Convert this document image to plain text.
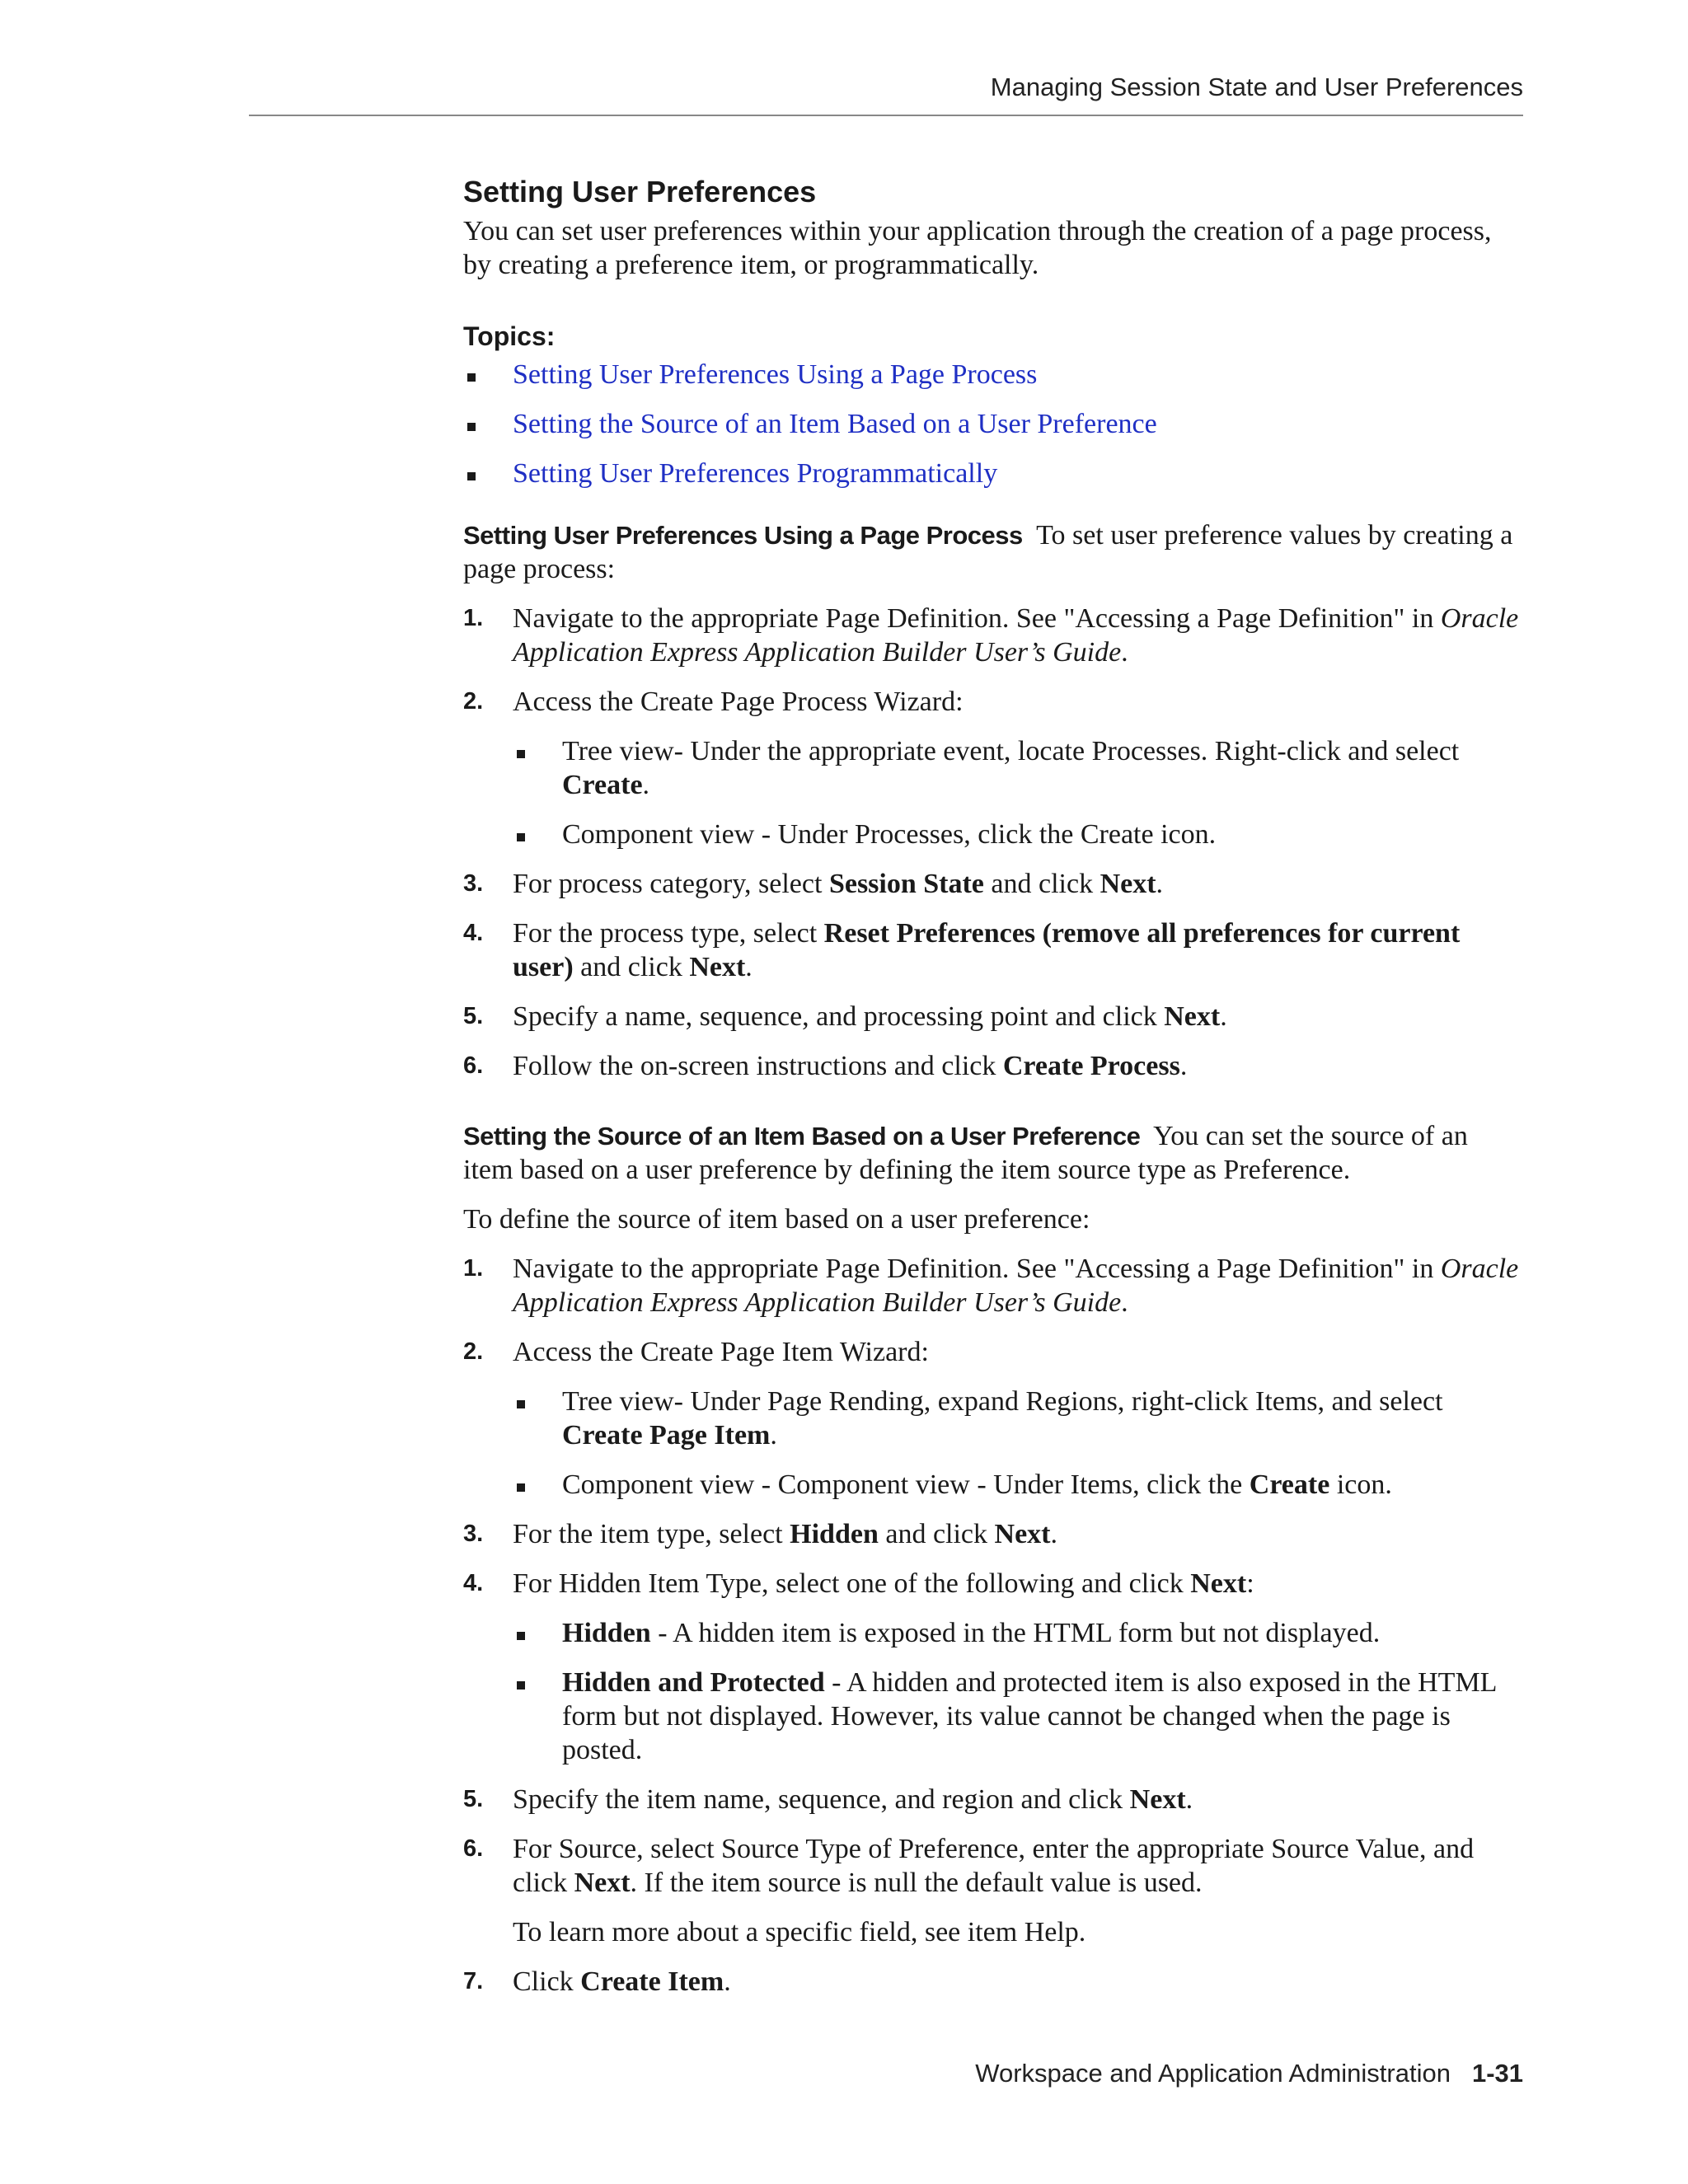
Managing Session State and User Preferences
Setting User Preferences

You can set user preferences within your application through the creation of a page process, by creating a preference item, or programmatically.

Topics:
Setting User Preferences Using a Page Process
Setting the Source of an Item Based on a User Preference
Setting User Preferences Programmatically

Setting User Preferences Using a Page Process To set user preference values by creating a page process:

1. Navigate to the appropriate Page Definition. See "Accessing a Page Definition" in Oracle Application Express Application Builder User’s Guide.
2. Access the Create Page Process Wizard:
Tree view- Under the appropriate event, locate Processes. Right-click and select Create.
Component view - Under Processes, click the Create icon.
3. For process category, select Session State and click Next.
4. For the process type, select Reset Preferences (remove all preferences for current user) and click Next.
5. Specify a name, sequence, and processing point and click Next.
6. Follow the on-screen instructions and click Create Process.

Setting the Source of an Item Based on a User Preference You can set the source of an item based on a user preference by defining the item source type as Preference.

To define the source of item based on a user preference:

1. Navigate to the appropriate Page Definition. See "Accessing a Page Definition" in Oracle Application Express Application Builder User’s Guide.
2. Access the Create Page Item Wizard:
Tree view- Under Page Rending, expand Regions, right-click Items, and select Create Page Item.
Component view - Component view - Under Items, click the Create icon.
3. For the item type, select Hidden and click Next.
4. For Hidden Item Type, select one of the following and click Next:
Hidden - A hidden item is exposed in the HTML form but not displayed.
Hidden and Protected - A hidden and protected item is also exposed in the HTML form but not displayed. However, its value cannot be changed when the page is posted.
5. Specify the item name, sequence, and region and click Next.
6. For Source, select Source Type of Preference, enter the appropriate Source Value, and click Next. If the item source is null the default value is used.

To learn more about a specific field, see item Help.

7. Click Create Item.
Workspace and Application Administration 1-31
